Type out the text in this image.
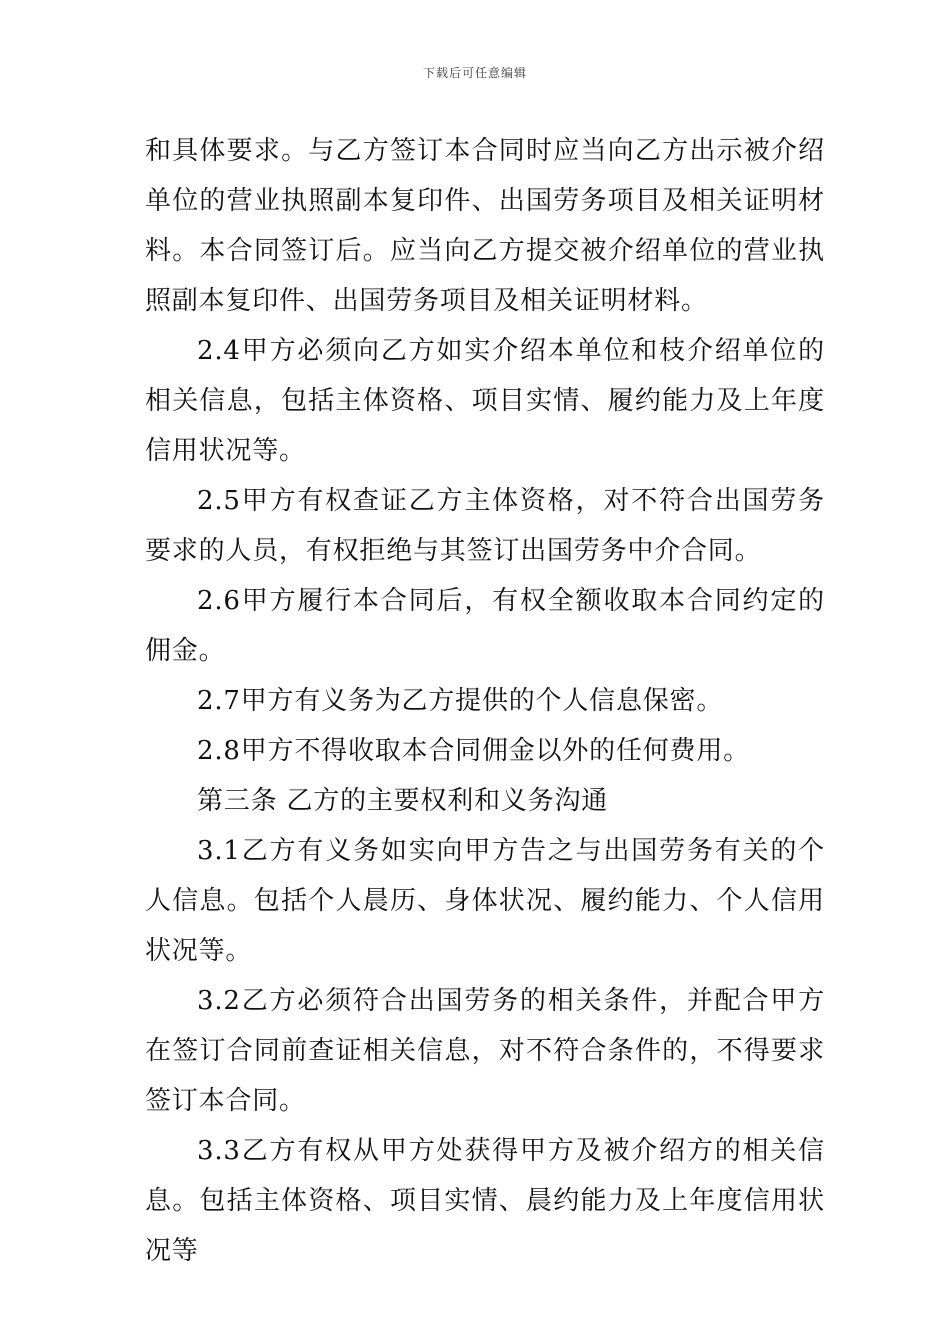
下载后可任意编辑

和具体要求。与乙方签订本合同时应当向乙方出示被介绍单位的营业执照副本复印件、出国劳务项目及相关证明材料。本合同签订后。应当向乙方提交被介绍单位的营业执照副本复印件、出国劳务项目及相关证明材料。

2.4甲方必须向乙方如实介绍本单位和枝介绍单位的相关信息，包括主体资格、项目实情、履约能力及上年度信用状况等。

2.5甲方有权查证乙方主体资格，对不符合出国劳务要求的人员，有权拒绝与其签订出国劳务中介合同。

2.6甲方履行本合同后，有权全额收取本合同约定的佣金。

2.7甲方有义务为乙方提供的个人信息保密。

2.8甲方不得收取本合同佣金以外的任何费用。

第三条 乙方的主要权利和义务沟通

3.1乙方有义务如实向甲方告之与出国劳务有关的个人信息。包括个人晨历、身体状况、履约能力、个人信用状况等。

3.2乙方必须符合出国劳务的相关条件，并配合甲方在签订合同前查证相关信息，对不符合条件的，不得要求签订本合同。

3.3乙方有权从甲方处获得甲方及被介绍方的相关信息。包括主体资格、项目实情、晨约能力及上年度信用状况等
